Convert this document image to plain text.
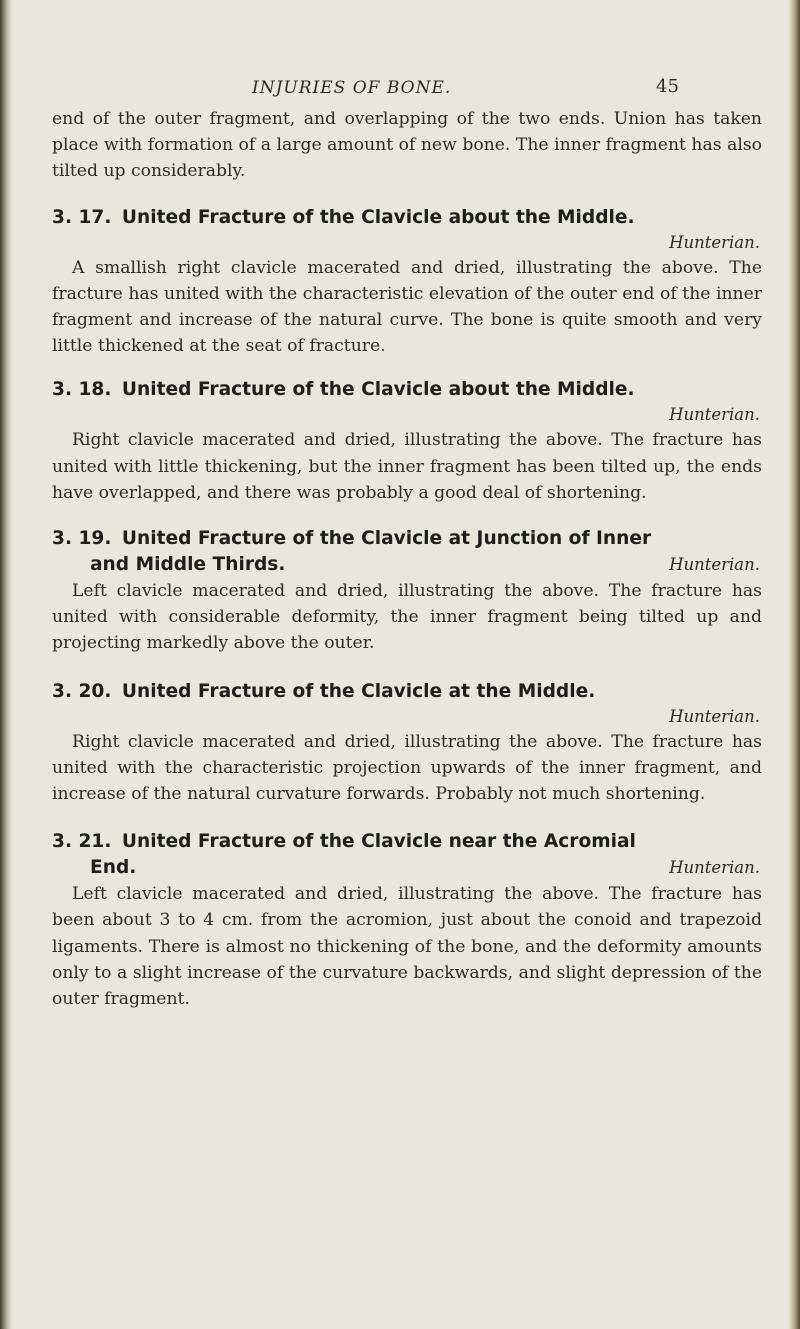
INJURIES OF BONE.	45

end of the outer fragment, and overlapping of the two ends. Union has taken place with formation of a large amount of new bone. The inner fragment has also tilted up considerably.

3. 17. United Fracture of the Clavicle about the Middle.
Hunterian.

A smallish right clavicle macerated and dried, illustrating the above. The fracture has united with the characteristic elevation of the outer end of the inner fragment and increase of the natural curve. The bone is quite smooth and very little thickened at the seat of fracture.

3. 18. United Fracture of the Clavicle about the Middle.
Hunterian.

Right clavicle macerated and dried, illustrating the above. The fracture has united with little thickening, but the inner fragment has been tilted up, the ends have overlapped, and there was probably a good deal of shortening.

3. 19. United Fracture of the Clavicle at Junction of Inner
and Middle Thirds.	Hunterian.

Left clavicle macerated and dried, illustrating the above. The fracture has united with considerable deformity, the inner fragment being tilted up and projecting markedly above the outer.

3. 20. United Fracture of the Clavicle at the Middle.
Hunterian.

Right clavicle macerated and dried, illustrating the above. The fracture has united with the characteristic projection upwards of the inner fragment, and increase of the natural curvature forwards. Probably not much shortening.

3. 21. United Fracture of the Clavicle near the Acromial
End.	Hunterian.

Left clavicle macerated and dried, illustrating the above. The fracture has been about 3 to 4 cm. from the acromion, just about the conoid and trapezoid ligaments. There is almost no thickening of the bone, and the deformity amounts only to a slight increase of the curvature backwards, and slight depression of the outer fragment.
